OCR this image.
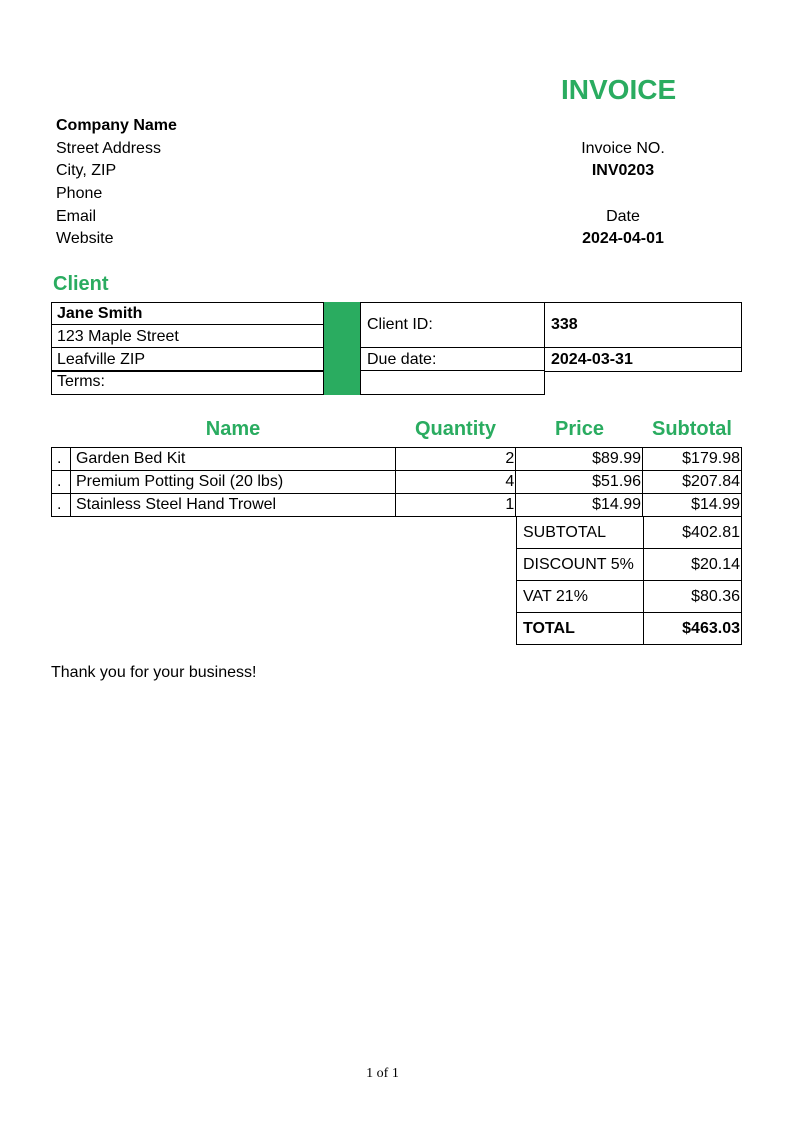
INVOICE
Company Name
Street Address
City, ZIP
Phone
Email
Website
Invoice NO.
INV0203
Date
2024-04-01
Client
Jane Smith
123 Maple Street
Leafville ZIP
Terms:
Client ID:	338
Due date:	2024-03-31
Name	Quantity	Price	Subtotal
.	Garden Bed Kit	2	$89.99	$179.98
.	Premium Potting Soil (20 lbs)	4	$51.96	$207.84
.	Stainless Steel Hand Trowel	1	$14.99	$14.99
SUBTOTAL	$402.81
DISCOUNT 5%	$20.14
VAT 21%	$80.36
TOTAL	$463.03
Thank you for your business!
1 of 1
